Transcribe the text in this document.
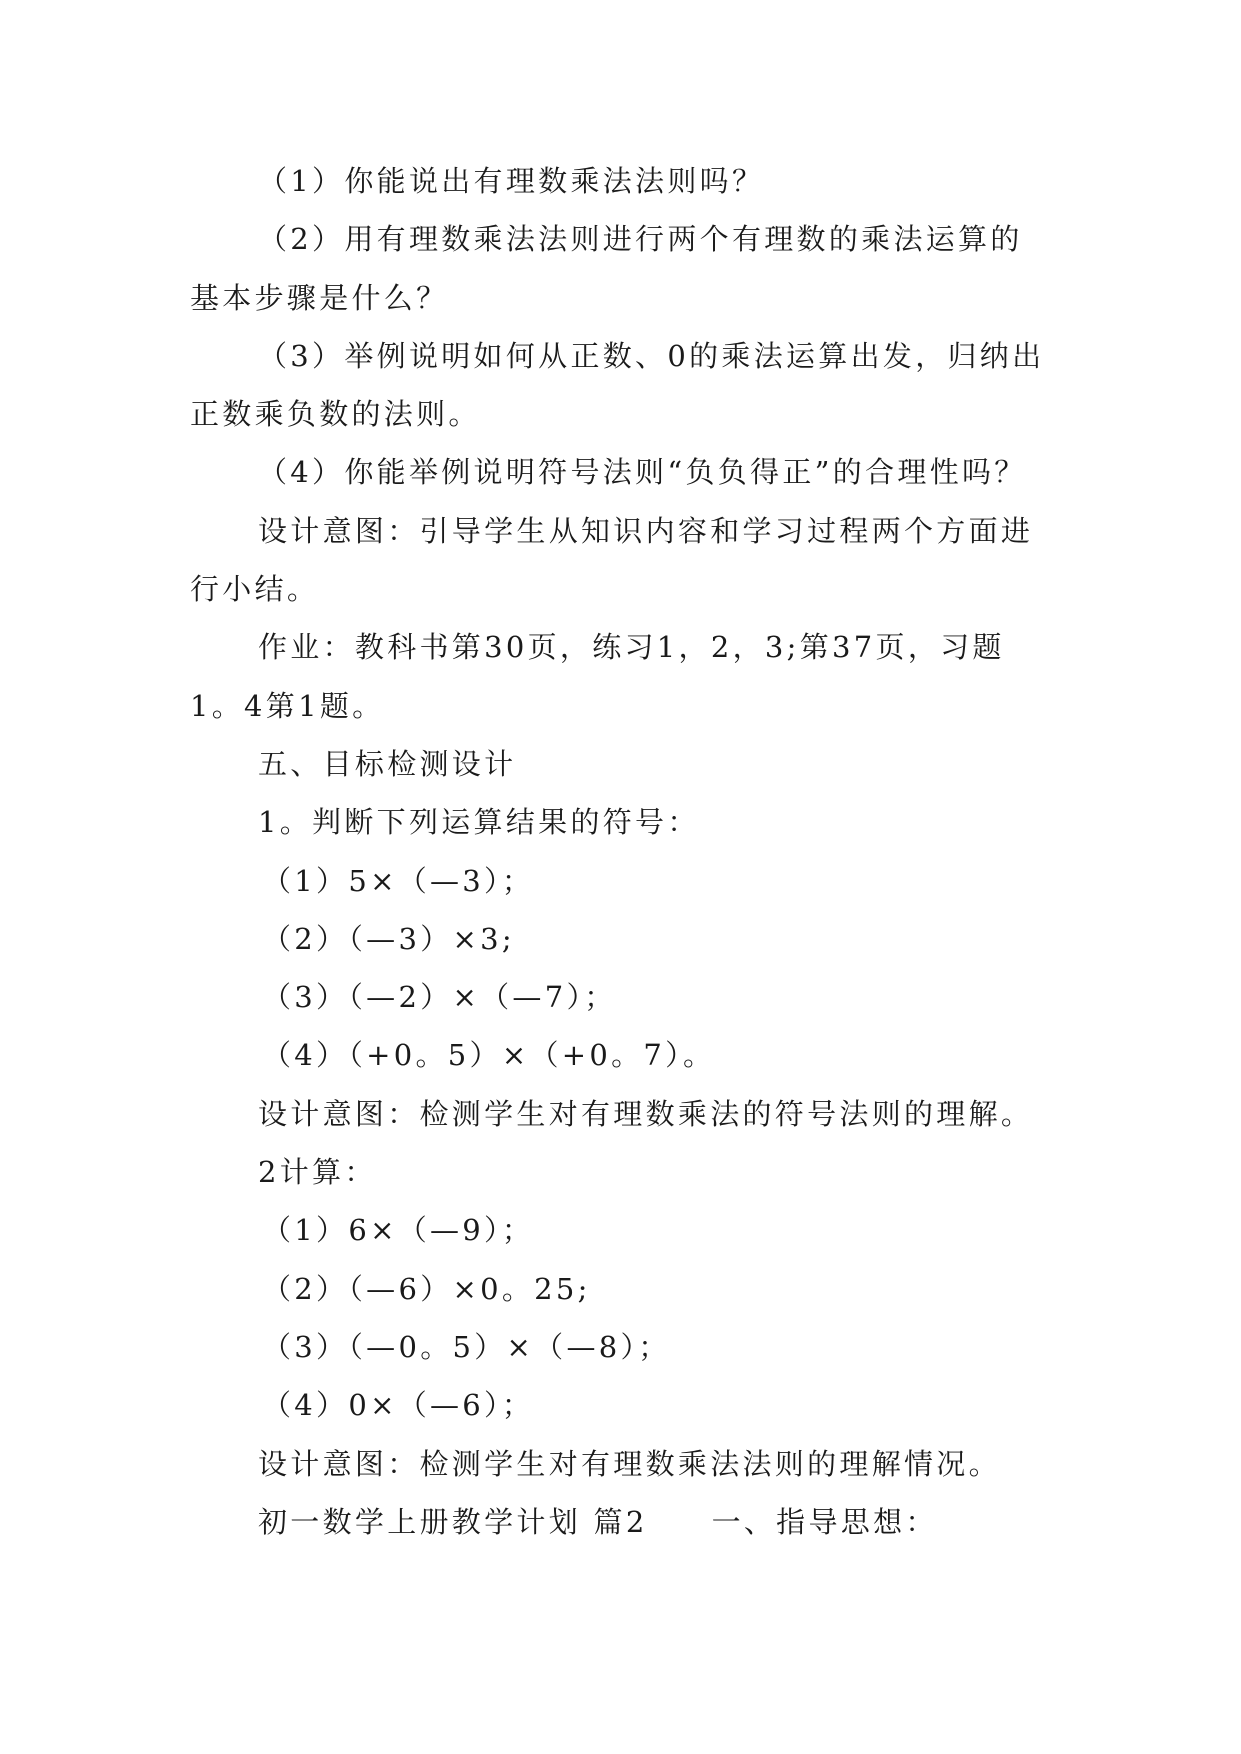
（1）你能说出有理数乘法法则吗？

（2）用有理数乘法法则进行两个有理数的乘法运算的

基本步骤是什么？

（3）举例说明如何从正数、0的乘法运算出发，归纳出

正数乘负数的法则。

（4）你能举例说明符号法则“负负得正”的合理性吗？

设计意图：引导学生从知识内容和学习过程两个方面进

行小结。

作业：教科书第30页，练习1，2，3;第37页，习题

1。4第1题。

五、目标检测设计

1。判断下列运算结果的符号：

（1）5×（—3）；

（2）（—3）×3;

（3）（—2）×（—7）；

（4）（+0。5）×（+0。7）。

设计意图：检测学生对有理数乘法的符号法则的理解。

2计算：

（1）6×（—9）；

（2）（—6）×0。25;

（3）（—0。5）×（—8）；

（4）0×（—6）；

设计意图：检测学生对有理数乘法法则的理解情况。

初一数学上册教学计划 篇2 一、指导思想：
